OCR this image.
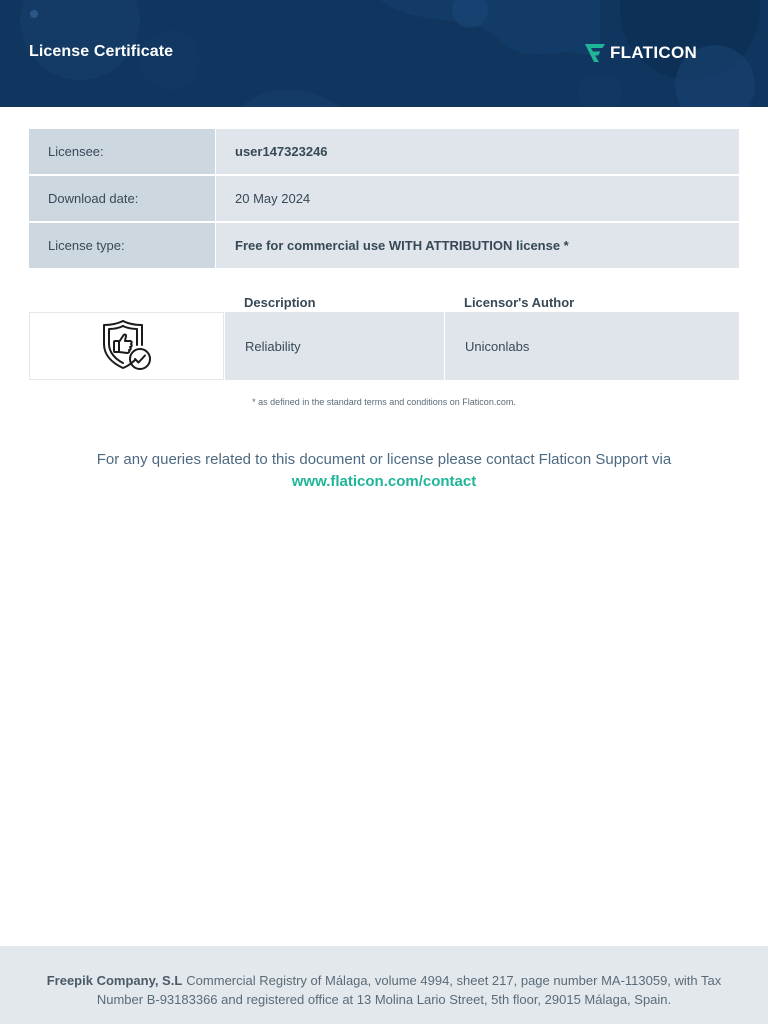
License Certificate	FLATICON
Licensee:	user147323246
Download date:	20 May 2024
License type:	Free for commercial use WITH ATTRIBUTION license *
Description	Licensor's Author
Reliability	Uniconlabs
* as defined in the standard terms and conditions on Flaticon.com.
For any queries related to this document or license please contact Flaticon Support via
www.flaticon.com/contact
Freepik Company, S.L Commercial Registry of Málaga, volume 4994, sheet 217, page number MA-113059, with Tax Number B-93183366 and registered office at 13 Molina Lario Street, 5th floor, 29015 Málaga, Spain.
